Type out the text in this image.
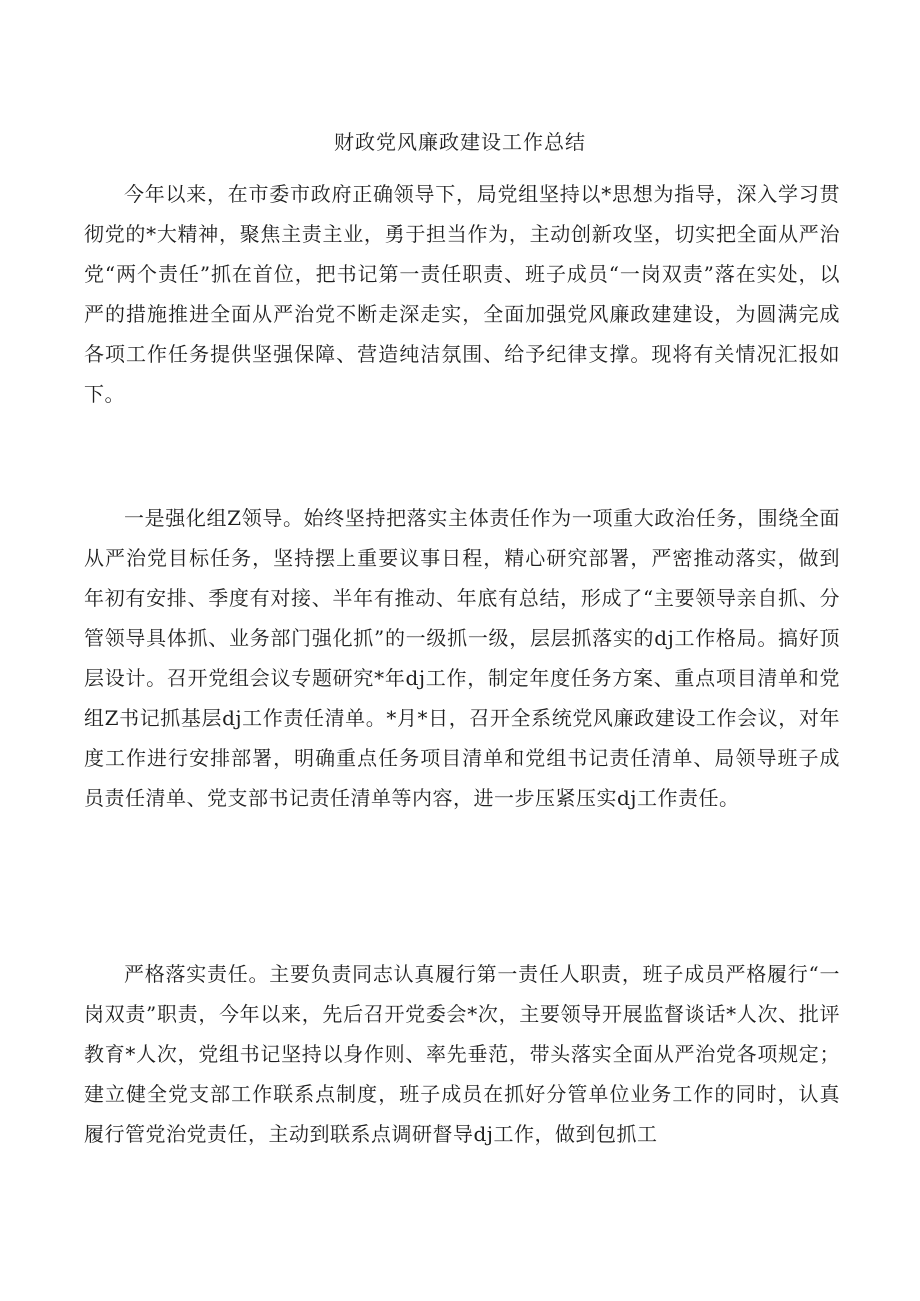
财政党风廉政建设工作总结

今年以来，在市委市政府正确领导下，局党组坚持以*思想为指导，深入学习贯彻党的*大精神，聚焦主责主业，勇于担当作为，主动创新攻坚，切实把全面从严治党“两个责任”抓在首位，把书记第一责任职责、班子成员“一岗双责”落在实处，以严的措施推进全面从严治党不断走深走实，全面加强党风廉政建建设，为圆满完成各项工作任务提供坚强保障、营造纯洁氛围、给予纪律支撑。现将有关情况汇报如下。

一是强化组Z领导。始终坚持把落实主体责任作为一项重大政治任务，围绕全面从严治党目标任务，坚持摆上重要议事日程，精心研究部署，严密推动落实，做到年初有安排、季度有对接、半年有推动、年底有总结，形成了“主要领导亲自抓、分管领导具体抓、业务部门强化抓”的一级抓一级，层层抓落实的dj工作格局。搞好顶层设计。召开党组会议专题研究*年dj工作，制定年度任务方案、重点项目清单和党组Z书记抓基层dj工作责任清单。*月*日，召开全系统党风廉政建设工作会议，对年度工作进行安排部署，明确重点任务项目清单和党组书记责任清单、局领导班子成员责任清单、党支部书记责任清单等内容，进一步压紧压实dj工作责任。

严格落实责任。主要负责同志认真履行第一责任人职责，班子成员严格履行“一岗双责”职责，今年以来，先后召开党委会*次，主要领导开展监督谈话*人次、批评教育*人次，党组书记坚持以身作则、率先垂范，带头落实全面从严治党各项规定；建立健全党支部工作联系点制度，班子成员在抓好分管单位业务工作的同时，认真履行管党治党责任，主动到联系点调研督导dj工作，做到包抓工
